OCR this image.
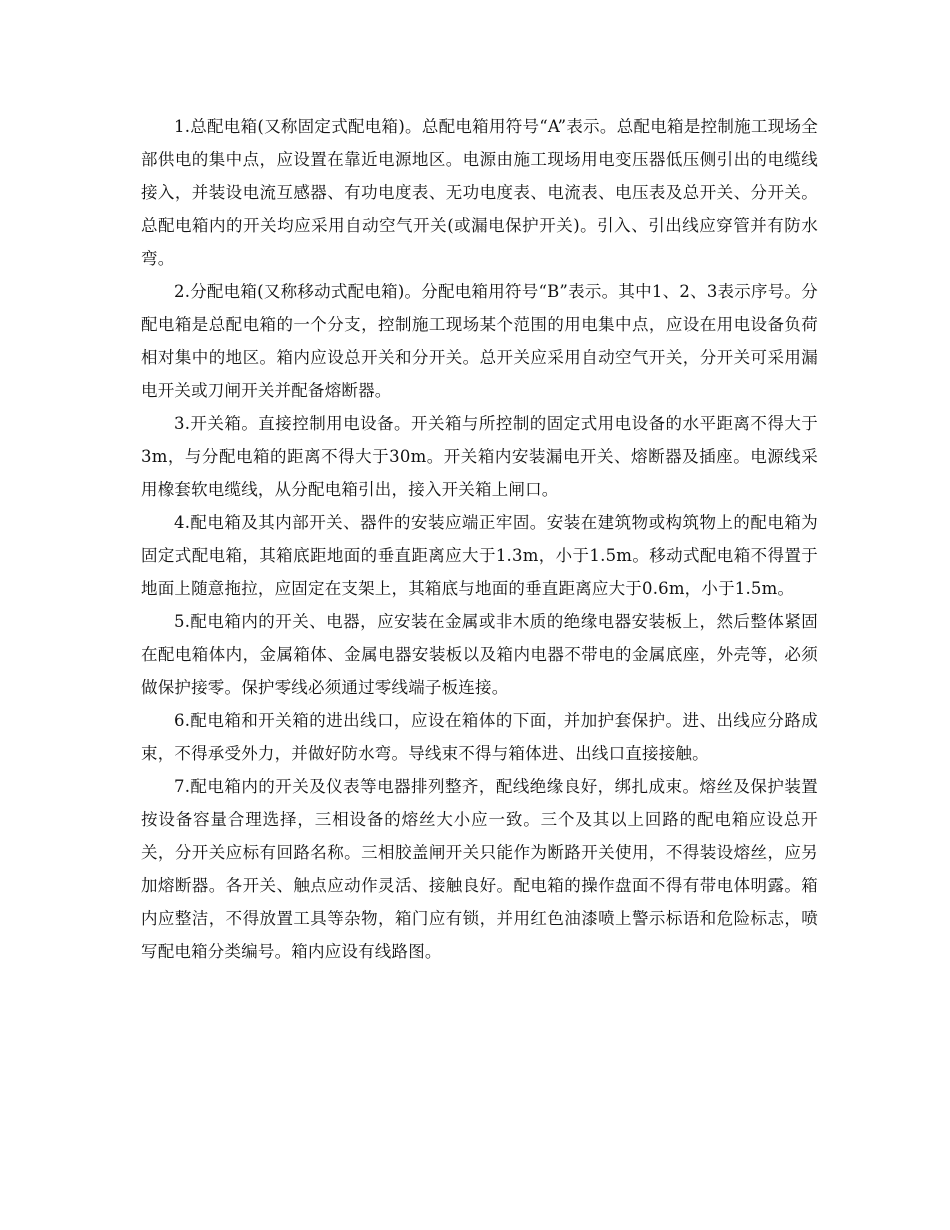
1.总配电箱(又称固定式配电箱)。总配电箱用符号“A”表示。总配电箱是控制施工现场全部供电的集中点，应设置在靠近电源地区。电源由施工现场用电变压器低压侧引出的电缆线接入，并装设电流互感器、有功电度表、无功电度表、电流表、电压表及总开关、分开关。总配电箱内的开关均应采用自动空气开关(或漏电保护开关)。引入、引出线应穿管并有防水弯。

2.分配电箱(又称移动式配电箱)。分配电箱用符号“B”表示。其中1、2、3表示序号。分配电箱是总配电箱的一个分支，控制施工现场某个范围的用电集中点，应设在用电设备负荷相对集中的地区。箱内应设总开关和分开关。总开关应采用自动空气开关，分开关可采用漏电开关或刀闸开关并配备熔断器。

3.开关箱。直接控制用电设备。开关箱与所控制的固定式用电设备的水平距离不得大于3m，与分配电箱的距离不得大于30m。开关箱内安装漏电开关、熔断器及插座。电源线采用橡套软电缆线，从分配电箱引出，接入开关箱上闸口。

4.配电箱及其内部开关、器件的安装应端正牢固。安装在建筑物或构筑物上的配电箱为固定式配电箱，其箱底距地面的垂直距离应大于1.3m，小于1.5m。移动式配电箱不得置于地面上随意拖拉，应固定在支架上，其箱底与地面的垂直距离应大于0.6m，小于1.5m。

5.配电箱内的开关、电器，应安装在金属或非木质的绝缘电器安装板上，然后整体紧固在配电箱体内，金属箱体、金属电器安装板以及箱内电器不带电的金属底座，外壳等，必须做保护接零。保护零线必须通过零线端子板连接。

6.配电箱和开关箱的进出线口，应设在箱体的下面，并加护套保护。进、出线应分路成束，不得承受外力，并做好防水弯。导线束不得与箱体进、出线口直接接触。

7.配电箱内的开关及仪表等电器排列整齐，配线绝缘良好，绑扎成束。熔丝及保护装置按设备容量合理选择，三相设备的熔丝大小应一致。三个及其以上回路的配电箱应设总开关，分开关应标有回路名称。三相胶盖闸开关只能作为断路开关使用，不得装设熔丝，应另加熔断器。各开关、触点应动作灵活、接触良好。配电箱的操作盘面不得有带电体明露。箱内应整洁，不得放置工具等杂物，箱门应有锁，并用红色油漆喷上警示标语和危险标志，喷写配电箱分类编号。箱内应设有线路图。
